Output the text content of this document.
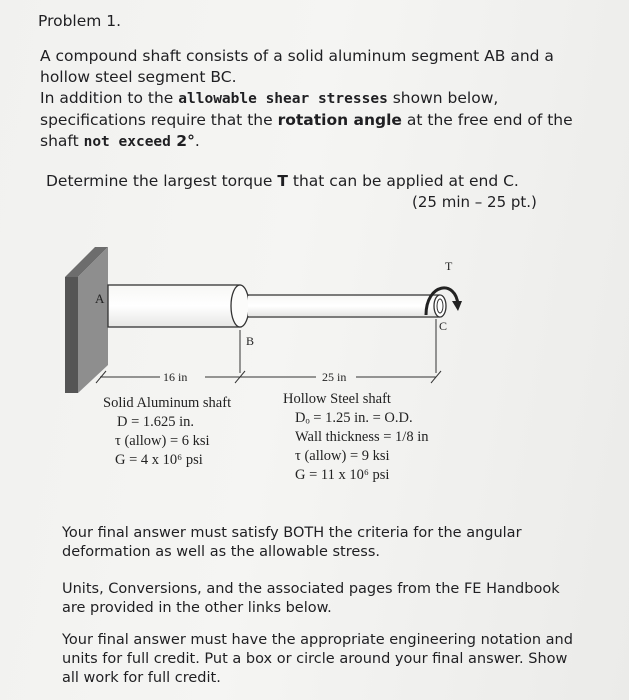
Problem 1.

A compound shaft consists of a solid aluminum segment AB and a hollow steel segment BC.

In addition to the allowable shear stresses shown below, specifications require that the rotation angle at the free end of the shaft not exceed 2°.

Determine the largest torque T that can be applied at end C.
(25 min – 25 pt.)
A
T
C
B
16 in	25 in
Solid Aluminum shaft
D = 1.625 in.
τ (allow) = 6 ksi
G = 4 x 10⁶ psi
Hollow Steel shaft
Dₒ = 1.25 in. = O.D.
Wall thickness = 1/8 in
τ (allow) = 9 ksi
G = 11 x 10⁶ psi

Your final answer must satisfy BOTH the criteria for the angular deformation as well as the allowable stress.

Units, Conversions, and the associated pages from the FE Handbook are provided in the other links below.

Your final answer must have the appropriate engineering notation and units for full credit. Put a box or circle around your final answer. Show all work for full credit.
